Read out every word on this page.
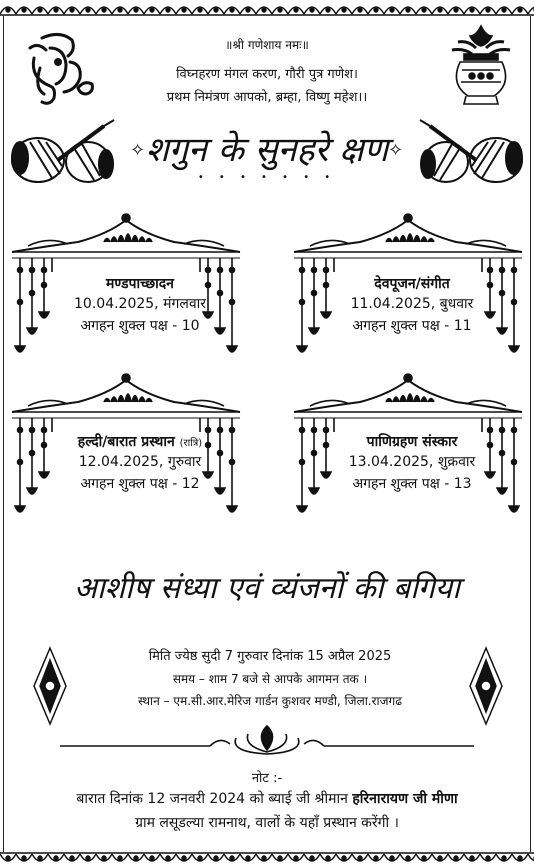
॥श्री गणेशाय नमः॥
विघ्नहरण मंगल करण, गौरी पुत्र गणेश।
प्रथम निमंत्रण आपको, ब्रम्हा, विष्णु महेश।।
शगुन के सुनहरे क्षण
✧	✧
• • • • • • •
मण्डपाच्छादन
10.04.2025, मंगलवार
अगहन शुक्ल पक्ष - 10
देवपूजन/संगीत
11.04.2025, बुधवार
अगहन शुक्ल पक्ष - 11
हल्दी/बारात प्रस्थान (रात्रि)
12.04.2025, गुरुवार
अगहन शुक्ल पक्ष - 12
पाणिग्रहण संस्कार
13.04.2025, शुक्रवार
अगहन शुक्ल पक्ष - 13
आशीष संध्या एवं व्यंजनों की बगिया
मिति ज्येष्ठ सुदी 7 गुरुवार दिनांक 15 अप्रैल 2025
समय – शाम 7 बजे से आपके आगमन तक ।
स्थान – एम.सी.आर.मेरिज गार्डन कुशवर मण्डी, जिला.राजगढ
नोट :-
बारात दिनांक 12 जनवरी 2024 को ब्याई जी श्रीमान हरिनारायण जी मीणा
ग्राम लसूडल्या रामनाथ, वालों के यहाँ प्रस्थान करेंगी ।
